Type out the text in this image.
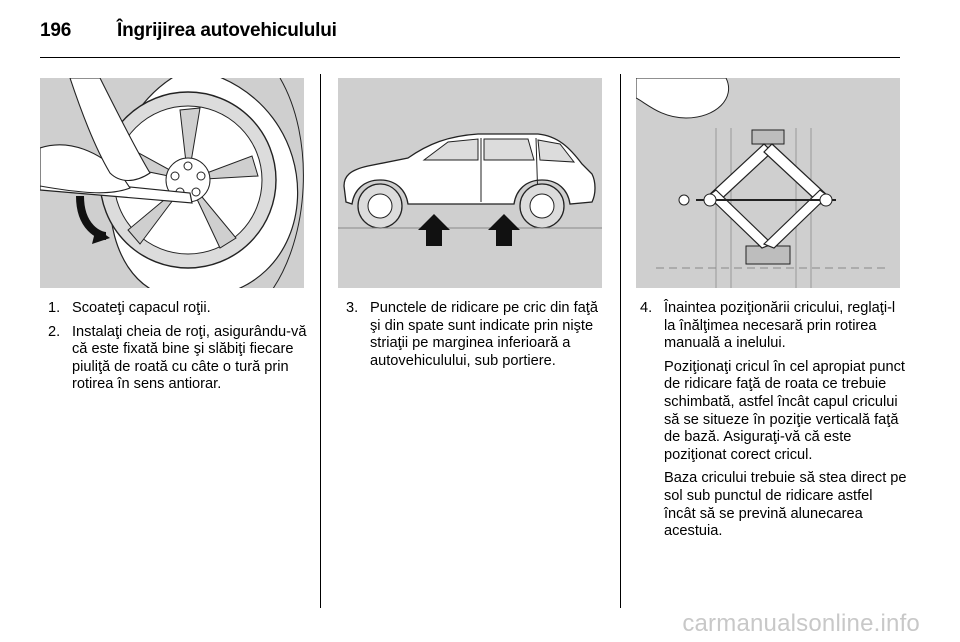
196 Îngrijirea autovehiculului
1. Scoateţi capacul roţii.

2. Instalaţi cheia de roţi, asigurându-vă că este fixată bine şi slăbiţi fiecare piuliţă de roată cu câte o tură prin rotirea în sens antiorar.

3. Punctele de ridicare pe cric din faţă şi din spate sunt indicate prin nişte striaţii pe marginea inferioară a autovehiculului, sub portiere.

4. Înaintea poziţionării cricului, reglaţi-l la înălţimea necesară prin rotirea manuală a inelului.

Poziţionaţi cricul în cel apropiat punct de ridicare faţă de roata ce trebuie schimbată, astfel încât capul cricului să se situeze în poziţie verticală faţă de bază. Asiguraţi-vă că este poziţionat corect cricul.

Baza cricului trebuie să stea direct pe sol sub punctul de ridicare astfel încât să se prevină alunecarea acestuia.

carmanualsonline.info
